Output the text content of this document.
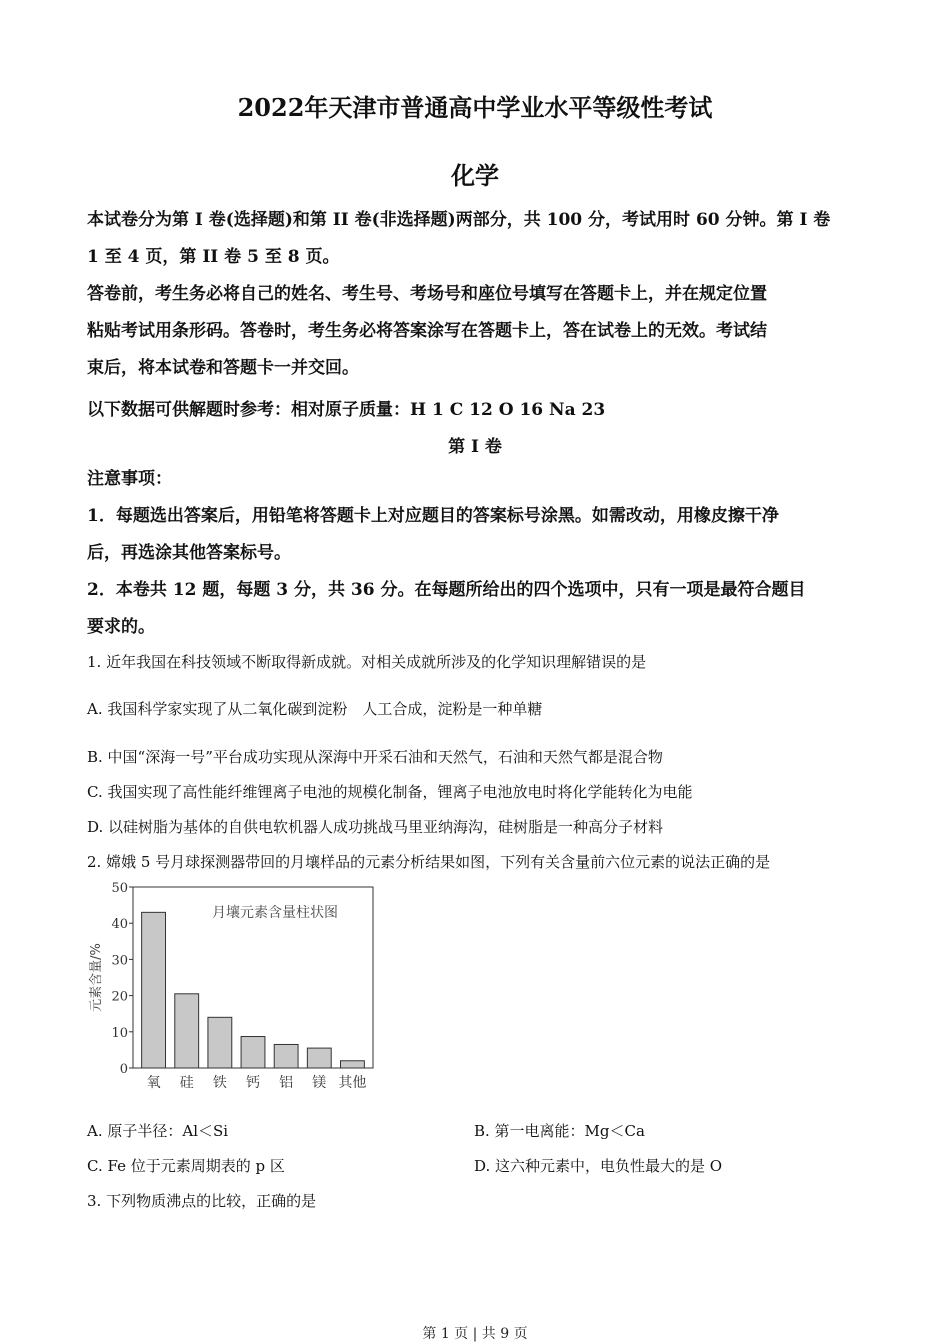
2022年天津市普通高中学业水平等级性考试
化学
本试卷分为第 I 卷(选择题)和第 II 卷(非选择题)两部分，共 100 分，考试用时 60 分钟。第 I 卷
1 至 4 页，第 II 卷 5 至 8 页。
答卷前，考生务必将自己的姓名、考生号、考场号和座位号填写在答题卡上，并在规定位置
粘贴考试用条形码。答卷时，考生务必将答案涂写在答题卡上，答在试卷上的无效。考试结
束后，将本试卷和答题卡一并交回。
以下数据可供解题时参考：相对原子质量：H 1 C 12 O 16 Na 23
第 I 卷
注意事项：
1．每题选出答案后，用铅笔将答题卡上对应题目的答案标号涂黑。如需改动，用橡皮擦干净
后，再选涂其他答案标号。
2．本卷共 12 题，每题 3 分，共 36 分。在每题所给出的四个选项中，只有一项是最符合题目
要求的。
1. 近年我国在科技领域不断取得新成就。对相关成就所涉及的化学知识理解错误的是
A. 我国科学家实现了从二氧化碳到淀粉　人工合成，淀粉是一种单糖
B. 中国“深海一号”平台成功实现从深海中开采石油和天然气，石油和天然气都是混合物
C. 我国实现了高性能纤维锂离子电池的规模化制备，锂离子电池放电时将化学能转化为电能
D. 以硅树脂为基体的自供电软机器人成功挑战马里亚纳海沟，硅树脂是一种高分子材料
2. 嫦娥 5 号月球探测器带回的月壤样品的元素分析结果如图，下列有关含量前六位元素的说法正确的是
0
10
20
30
40
50
元素含量/%
月壤元素含量柱状图
氧 硅 铁 钙 铝 镁 其他
A. 原子半径：Al＜Si	B. 第一电离能：Mg＜Ca
C. Fe 位于元素周期表的 p 区	D. 这六种元素中，电负性最大的是 O
3. 下列物质沸点的比较，正确的是
第 1 页 | 共 9 页
